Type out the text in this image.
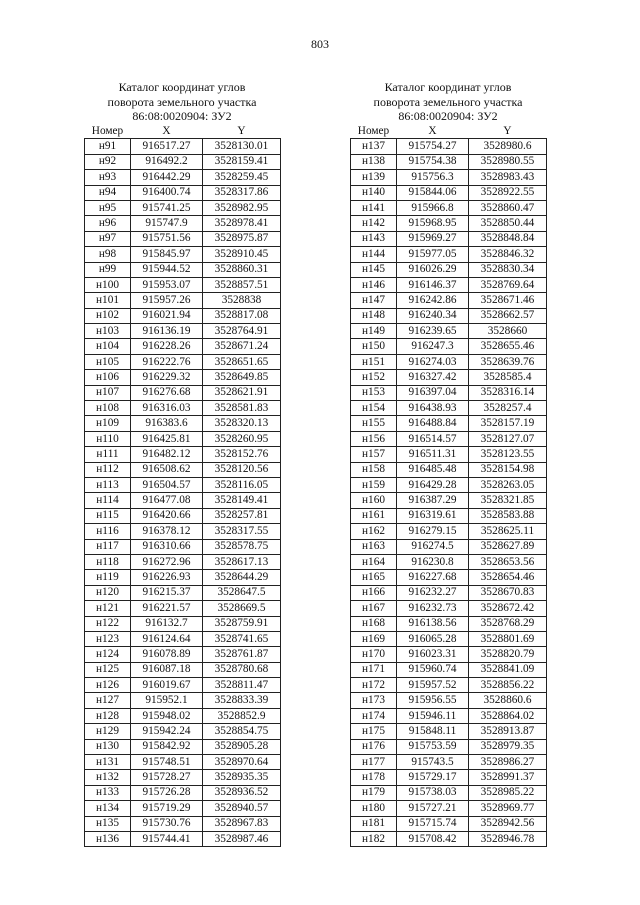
803
Каталог координат углов
поворота земельного участка
86:08:0020904: ЗУ2
Номер	X	Y
н91	916517.27	3528130.01
н92	916492.2	3528159.41
н93	916442.29	3528259.45
н94	916400.74	3528317.86
н95	915741.25	3528982.95
н96	915747.9	3528978.41
н97	915751.56	3528975.87
н98	915845.97	3528910.45
н99	915944.52	3528860.31
н100	915953.07	3528857.51
н101	915957.26	3528838
н102	916021.94	3528817.08
н103	916136.19	3528764.91
н104	916228.26	3528671.24
н105	916222.76	3528651.65
н106	916229.32	3528649.85
н107	916276.68	3528621.91
н108	916316.03	3528581.83
н109	916383.6	3528320.13
н110	916425.81	3528260.95
н111	916482.12	3528152.76
н112	916508.62	3528120.56
н113	916504.57	3528116.05
н114	916477.08	3528149.41
н115	916420.66	3528257.81
н116	916378.12	3528317.55
н117	916310.66	3528578.75
н118	916272.96	3528617.13
н119	916226.93	3528644.29
н120	916215.37	3528647.5
н121	916221.57	3528669.5
н122	916132.7	3528759.91
н123	916124.64	3528741.65
н124	916078.89	3528761.87
н125	916087.18	3528780.68
н126	916019.67	3528811.47
н127	915952.1	3528833.39
н128	915948.02	3528852.9
н129	915942.24	3528854.75
н130	915842.92	3528905.28
н131	915748.51	3528970.64
н132	915728.27	3528935.35
н133	915726.28	3528936.52
н134	915719.29	3528940.57
н135	915730.76	3528967.83
н136	915744.41	3528987.46
Каталог координат углов
поворота земельного участка
86:08:0020904: ЗУ2
Номер	X	Y
н137	915754.27	3528980.6
н138	915754.38	3528980.55
н139	915756.3	3528983.43
н140	915844.06	3528922.55
н141	915966.8	3528860.47
н142	915968.95	3528850.44
н143	915969.27	3528848.84
н144	915977.05	3528846.32
н145	916026.29	3528830.34
н146	916146.37	3528769.64
н147	916242.86	3528671.46
н148	916240.34	3528662.57
н149	916239.65	3528660
н150	916247.3	3528655.46
н151	916274.03	3528639.76
н152	916327.42	3528585.4
н153	916397.04	3528316.14
н154	916438.93	3528257.4
н155	916488.84	3528157.19
н156	916514.57	3528127.07
н157	916511.31	3528123.55
н158	916485.48	3528154.98
н159	916429.28	3528263.05
н160	916387.29	3528321.85
н161	916319.61	3528583.88
н162	916279.15	3528625.11
н163	916274.5	3528627.89
н164	916230.8	3528653.56
н165	916227.68	3528654.46
н166	916232.27	3528670.83
н167	916232.73	3528672.42
н168	916138.56	3528768.29
н169	916065.28	3528801.69
н170	916023.31	3528820.79
н171	915960.74	3528841.09
н172	915957.52	3528856.22
н173	915956.55	3528860.6
н174	915946.11	3528864.02
н175	915848.11	3528913.87
н176	915753.59	3528979.35
н177	915743.5	3528986.27
н178	915729.17	3528991.37
н179	915738.03	3528985.22
н180	915727.21	3528969.77
н181	915715.74	3528942.56
н182	915708.42	3528946.78
